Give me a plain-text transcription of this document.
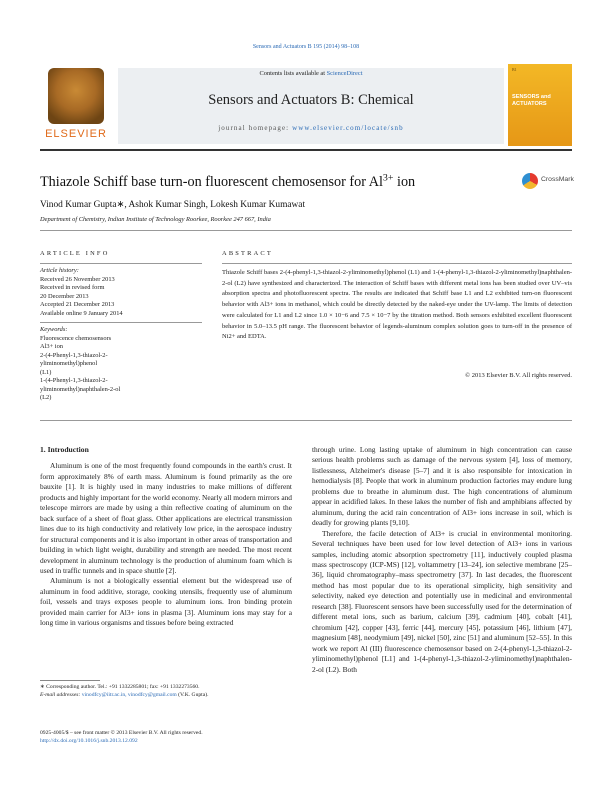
Sensors and Actuators B 195 (2014) 98–108
ELSEVIER
Contents lists available at ScienceDirect
Sensors and Actuators B: Chemical
journal homepage: www.elsevier.com/locate/snb
B1
SENSORS and ACTUATORS
Thiazole Schiff base turn-on fluorescent chemosensor for $Al^{3+}$ ion	CrossMark
Vinod Kumar Gupta∗, Ashok Kumar Singh, Lokesh Kumar Kumawat
Department of Chemistry, Indian Institute of Technology Roorkee, Roorkee 247 667, India
ARTICLE INFO
Article history:
Received 26 November 2013
Received in revised form
20 December 2013
Accepted 21 December 2013
Available online 9 January 2014
Keywords:
Fluorescence chemosensors
Al3+ ion
2-(4-Phenyl-1,3-thiazol-2-
yliminomethyl)phenol
(L1)
1-(4-Phenyl-1,3-thiazol-2-
yliminomethyl)naphthalen-2-ol
(L2)
ABSTRACT
Thiazole Schiff bases 2-(4-phenyl-1,3-thiazol-2-yliminomethyl)phenol (L1) and 1-(4-phenyl-1,3-thiazol-2-yliminomethyl)naphthalen-2-ol (L2) have synthesized and characterized. The interaction of Schiff bases with different metal ions has been studied over UV–vis absorption spectra and photofluorescent spectra. The results are indicated that Schiff base L1 and L2 exhibited turn-on fluorescent behavior with Al3+ ions in methanol, which could be directly detected by the naked-eye under the UV-lamp. The limits of detection were calculated for L1 and L2 since 1.0 × 10−6 and 7.5 × 10−7 by the titration method. Both sensors exhibited excellent fluorescent behavior in 5.0–13.5 pH range. The fluorescent behavior of legends-aluminum complex solution goes to turn-off in the presence of Ni2+ and EDTA.
© 2013 Elsevier B.V. All rights reserved.
1. Introduction

Aluminum is one of the most frequently found compounds in the earth's crust. It form approximately 8% of earth mass. Aluminum is found primarily as the ore bauxite [1]. It is highly used in many industries to make millions of different products and highly important for the world economy. Nearly all modern mirrors and telescope mirrors are made by using a thin reflective coating of aluminum on the back surface of a sheet of float glass. Other applications are electrical transmission lines due to its high conductivity and relatively low price, in the aerospace industry for structural components and it is also important in other areas of transportation and building in which light weight, durability and strength are needed. The most recent development in aluminum technology is the production of aluminum foam which is used in traffic tunnels and in space shuttle [2].

Aluminum is not a biologically essential element but the widespread use of aluminum in food additive, storage, cooking utensils, frequently use of aluminum foil, vessels and trays exposes people to aluminum ions. Iron binding protein provided main carrier for Al3+ ions in plasma [3]. Aluminum ions may stay for a long time in various organisms and tissues before being extracted

through urine. Long lasting uptake of aluminum in high concentration can cause serious health problems such as damage of the nervous system [4], loss of memory, listlessness, Alzheimer's disease [5–7] and it is also responsible for intoxication in hemodialysis [8]. People that work in aluminum production factories may endure lung problems due to breathe in aluminum dust. The high concentrations of aluminum appear in acidified lakes. In these lakes the number of fish and amphibians affected by aluminum, during the acid rain concentration of Al3+ ions increase in soil, which is deadly for growing plants [9,10].

Therefore, the facile detection of Al3+ is crucial in environmental monitoring. Several techniques have been used for low level detection of Al3+ ions in various samples, including atomic absorption spectrometry [11], inductively coupled plasma mass spectroscopy (ICP-MS) [12], voltammetry [13–24], ion selective membrane [25–36], liquid chromatography–mass spectrometry [37]. In last decades, the fluorescent method has most popular due to its operational simplicity, high sensitivity and selectivity, naked eye detection and potentially use in medicinal and environmental research [38]. Fluorescent sensors have been successfully used for the determination of different metal ions, such as barium, calcium [39], cadmium [40], cobalt [41], chromium [42], copper [43], ferric [44], mercury [45], potassium [46], lithium [47], magnesium [48], neodymium [49], nickel [50], zinc [51] and aluminum [52–55]. In this work we report Al (III) fluorescence chemosensor based on 2-(4-phenyl-1,3-thiazol-2-yliminomethyl)phenol [L1] and 1-(4-phenyl-1,3-thiazol-2-yliminomethyl)naphthalen-2-ol (L2). Both

∗ Corresponding author. Tel.: +91 1332285801; fax: +91 1332273560.
E-mail addresses: vinodfcy@iitr.ac.in, vinodfcy@gmail.com (V.K. Gupta).
0925-4005/$ – see front matter © 2013 Elsevier B.V. All rights reserved.
http://dx.doi.org/10.1016/j.snb.2013.12.092
